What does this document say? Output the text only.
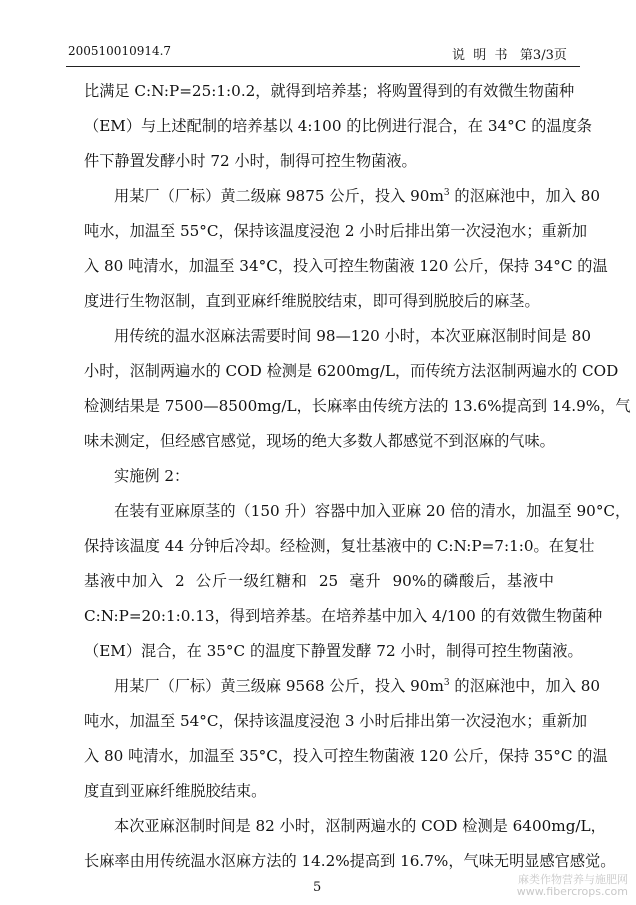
200510010914.7	说  明  书   第3/3页
比满足 C:N:P=25:1:0.2，就得到培养基；将购置得到的有效微生物菌种
（EM）与上述配制的培养基以 4:100 的比例进行混合，在 34°C 的温度条
件下静置发酵小时 72 小时，制得可控生物菌液。
用某厂（厂标）黄二级麻 9875 公斤，投入 $90m^3$ 的沤麻池中，加入 80
吨水，加温至 55°C，保持该温度浸泡 2 小时后排出第一次浸泡水；重新加
入 80 吨清水，加温至 34°C，投入可控生物菌液 120 公斤，保持 34°C 的温
度进行生物沤制，直到亚麻纤维脱胶结束，即可得到脱胶后的麻茎。
用传统的温水沤麻法需要时间 98—120 小时，本次亚麻沤制时间是 80
小时，沤制两遍水的 COD 检测是 6200mg/L，而传统方法沤制两遍水的 COD
检测结果是 7500—8500mg/L，长麻率由传统方法的 13.6%提高到 14.9%，气
味未测定，但经感官感觉，现场的绝大多数人都感觉不到沤麻的气味。
实施例 2：
在装有亚麻原茎的（150 升）容器中加入亚麻 20 倍的清水，加温至 90°C，
保持该温度 44 分钟后冷却。经检测，复壮基液中的 C:N:P=7:1:0。在复壮
基液中加入  2  公斤一级红糖和  25  毫升  90%的磷酸后，基液中
C:N:P=20:1:0.13，得到培养基。在培养基中加入 4/100 的有效微生物菌种
（EM）混合，在 35°C 的温度下静置发酵 72 小时，制得可控生物菌液。
用某厂（厂标）黄三级麻 9568 公斤，投入 $90m^3$ 的沤麻池中，加入 80
吨水，加温至 54°C，保持该温度浸泡 3 小时后排出第一次浸泡水；重新加
入 80 吨清水，加温至 35°C，投入可控生物菌液 120 公斤，保持 35°C 的温
度直到亚麻纤维脱胶结束。
本次亚麻沤制时间是 82 小时，沤制两遍水的 COD 检测是 6400mg/L，
长麻率由用传统温水沤麻方法的 14.2%提高到 16.7%，气味无明显感官感觉。
5
麻类作物营养与施肥网
www.fibercrops.com
